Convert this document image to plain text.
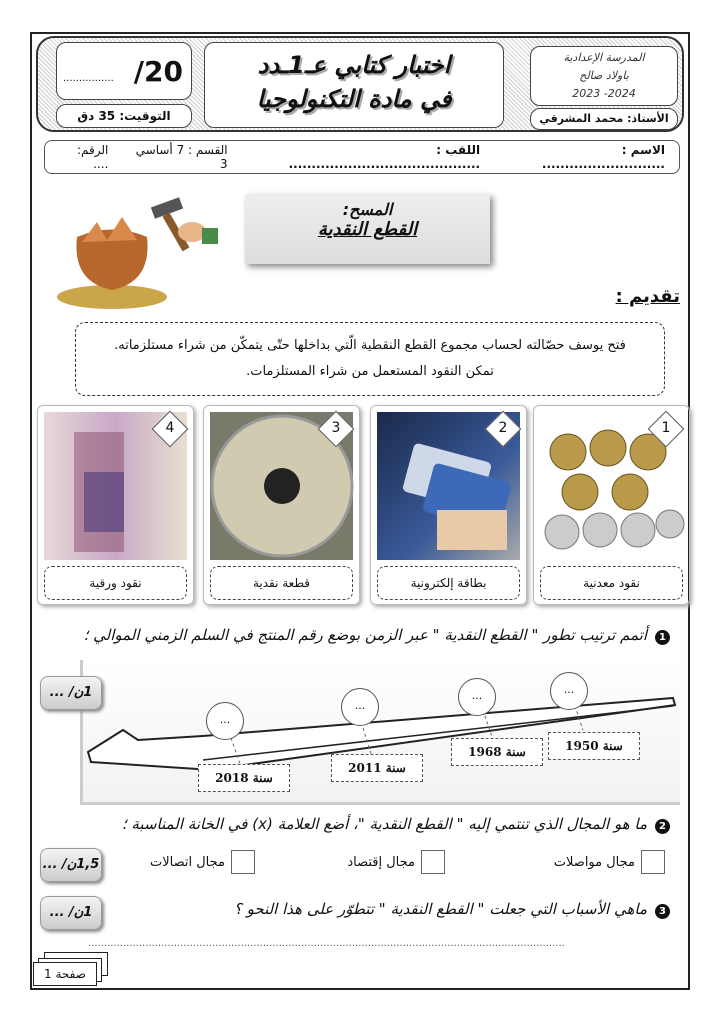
................ /20
التوقيت: 35 دق
اختبار كتابي عـ1ـدد
في مادة التكنولوجيا
المدرسة الإعدادية
باولاد صالح
2024- 2023
الأستاذ: محمد المشرقي
الاسم : ...........................
اللقب : ..........................................
القسم : 7 أساسي 3
الرقم: ....
المسح:
القطع النقدية
تقديم :
فتح يوسف حصّالته لحساب مجموع القطع النقطية الّتي بداخلها حتّى يتمكّن من شراء مستلزماته.
تمكن النقود المستعمل من شراء المستلزمات.
1
نقود معدنية
2
بطاقة إلكترونية
3
قطعة نقدية
4
نقود ورقية
1أتمم ترتيب تطور " القطع النقدية " عبر الزمن بوضع رقم المنتج في السلم الزمني الموالي ؛
...
...
...
...
سنة 1950
سنة 1968
سنة 2011
سنة 2018
1ن/ ...
2ما هو المجال الذي تنتمي إليه " القطع النقدية "، أضع العلامة (x) في الخانة المناسبة ؛
1,5ن/ ...	مجال مواصلات
مجال إقتصاد
مجال اتصالات
3ماهي الأسباب التي جعلت " القطع النقدية " تتطوّر على هذا النحو ؟
1ن/ ...
......................................................................................................................................................
صفحة 1
